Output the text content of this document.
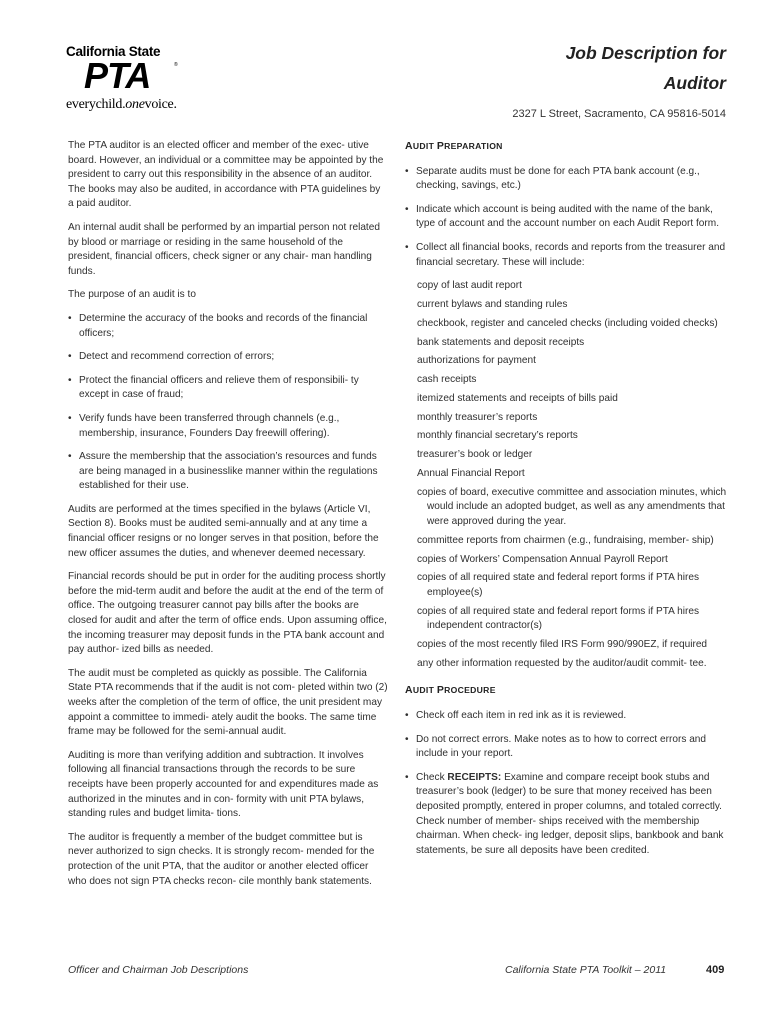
California State
PTA	®
everychild.onevoice.
Job Description for
Auditor
2327 L Street, Sacramento, CA 95816-5014

The PTA auditor is an elected officer and member of the exec- utive board. However, an individual or a committee may be appointed by the president to carry out this responsibility in the absence of an auditor. The books may also be audited, in accordance with PTA guidelines by a paid auditor.

An internal audit shall be performed by an impartial person not related by blood or marriage or residing in the same household of the president, financial officers, check signer or any chair- man handling funds.

The purpose of an audit is to

• Determine the accuracy of the books and records of the financial officers;
• Detect and recommend correction of errors;
• Protect the financial officers and relieve them of responsibili- ty except in case of fraud;
• Verify funds have been transferred through channels (e.g., membership, insurance, Founders Day freewill offering).
• Assure the membership that the association’s resources and funds are being managed in a businesslike manner within the regulations established for their use.

Audits are performed at the times specified in the bylaws (Article VI, Section 8). Books must be audited semi-annually and at any time a financial officer resigns or no longer serves in that position, before the new officer assumes the duties, and whenever deemed necessary.

Financial records should be put in order for the auditing process shortly before the mid-term audit and before the audit at the end of the term of office. The outgoing treasurer cannot pay bills after the books are closed for audit and after the term of office ends. Upon assuming office, the incoming treasurer may deposit funds in the PTA bank account and pay author- ized bills as needed.

The audit must be completed as quickly as possible. The California State PTA recommends that if the audit is not com- pleted within two (2) weeks after the completion of the term of office, the unit president may appoint a committee to immedi- ately audit the books. The same time frame may be followed for the semi-annual audit.

Auditing is more than verifying addition and subtraction. It involves following all financial transactions through the records to be sure receipts have been properly accounted for and expenditures made as authorized in the minutes and in con- formity with unit PTA bylaws, standing rules and budget limita- tions.

The auditor is frequently a member of the budget committee but is never authorized to sign checks. It is strongly recom- mended for the protection of the unit PTA, that the auditor or another elected officer who does not sign PTA checks recon- cile monthly bank statements.

AUDIT PREPARATION
• Separate audits must be done for each PTA bank account (e.g., checking, savings, etc.)
• Indicate which account is being audited with the name of the bank, type of account and the account number on each Audit Report form.
• Collect all financial books, records and reports from the treasurer and financial secretary. These will include:
copy of last audit report
current bylaws and standing rules
checkbook, register and canceled checks (including voided checks)
bank statements and deposit receipts
authorizations for payment
cash receipts
itemized statements and receipts of bills paid
monthly treasurer’s reports
monthly financial secretary’s reports
treasurer’s book or ledger
Annual Financial Report
copies of board, executive committee and association minutes, which would include an adopted budget, as well as any amendments that were approved during the year.
committee reports from chairmen (e.g., fundraising, member- ship)
copies of Workers’ Compensation Annual Payroll Report
copies of all required state and federal report forms if PTA hires employee(s)
copies of all required state and federal report forms if PTA hires independent contractor(s)
copies of the most recently filed IRS Form 990/990EZ, if required
any other information requested by the auditor/audit commit- tee.
AUDIT PROCEDURE
• Check off each item in red ink as it is reviewed.
• Do not correct errors. Make notes as to how to correct errors and include in your report.
• Check RECEIPTS: Examine and compare receipt book stubs and treasurer’s book (ledger) to be sure that money received has been deposited promptly, entered in proper columns, and totaled correctly. Check number of member- ships received with the membership chairman. When check- ing ledger, deposit slips, bankbook and bank statements, be sure all deposits have been credited.
Officer and Chairman Job Descriptions	California State PTA Toolkit – 2011	409
